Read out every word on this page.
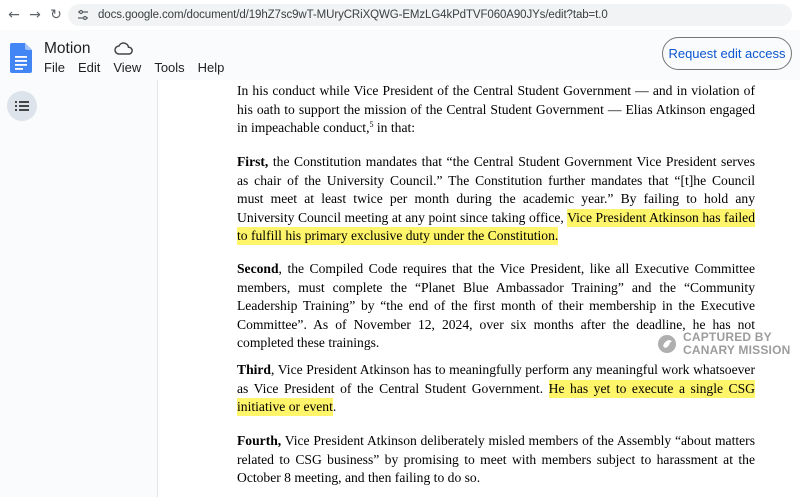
← → ↻	docs.google.com/document/d/19hZ7sc9wT-MUryCRiXQWG-EMzLG4kPdTVF060A90JYs/edit?tab=t.0
Motion
File Edit View Tools Help
Request edit access

In his conduct while Vice President of the Central Student Government — and in violation of his oath to support the mission of the Central Student Government — Elias Atkinson engaged in impeachable conduct,$^5$ in that:

First, the Constitution mandates that “the Central Student Government Vice President serves as chair of the University Council.” The Constitution further mandates that “[t]he Council must meet at least twice per month during the academic year.” By failing to hold any University Council meeting at any point since taking office, Vice President Atkinson has failed to fulfill his primary exclusive duty under the Constitution.

Second, the Compiled Code requires that the Vice President, like all Executive Committee members, must complete the “Planet Blue Ambassador Training” and the “Community Leadership Training” by “the end of the first month of their membership in the Executive Committee”. As of November 12, 2024, over six months after the deadline, he has not completed these trainings.

Third, Vice President Atkinson has to meaningfully perform any meaningful work whatsoever as Vice President of the Central Student Government. He has yet to execute a single CSG initiative or event.

Fourth, Vice President Atkinson deliberately misled members of the Assembly “about matters related to CSG business” by promising to meet with members subject to harassment at the October 8 meeting, and then failing to do so.

CAPTURED BY
CANARY MISSION
